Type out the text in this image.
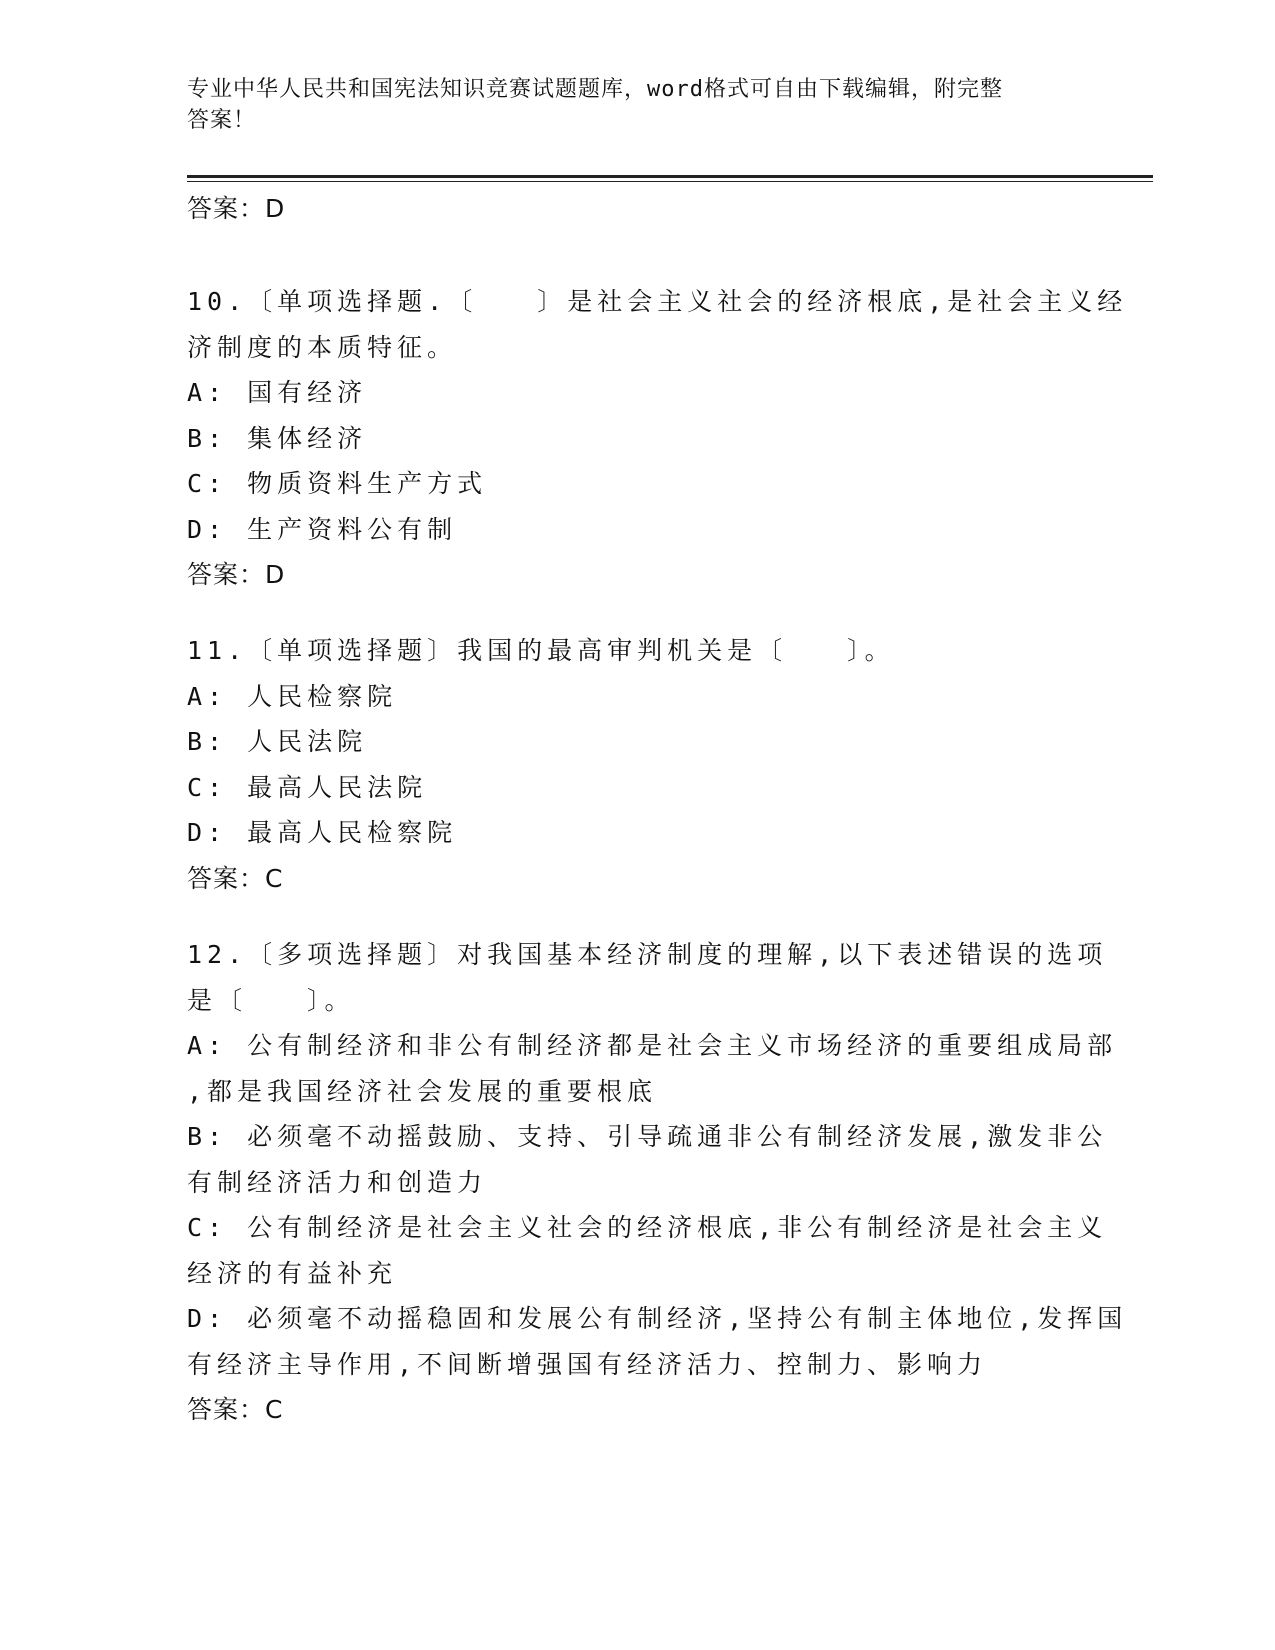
专业中华人民共和国宪法知识竞赛试题题库，word格式可自由下载编辑，附完整
答案！
答案：D
10.〔单项选择题.〔　　〕是社会主义社会的经济根底,是社会主义经
济制度的本质特征。
A: 国有经济
B: 集体经济
C: 物质资料生产方式
D: 生产资料公有制
答案：D
11.〔单项选择题〕我国的最高审判机关是〔　　〕。
A: 人民检察院
B: 人民法院
C: 最高人民法院
D: 最高人民检察院
答案：C
12.〔多项选择题〕对我国基本经济制度的理解,以下表述错误的选项
是〔　　〕。
A: 公有制经济和非公有制经济都是社会主义市场经济的重要组成局部
,都是我国经济社会发展的重要根底
B: 必须毫不动摇鼓励、支持、引导疏通非公有制经济发展,激发非公
有制经济活力和创造力
C: 公有制经济是社会主义社会的经济根底,非公有制经济是社会主义
经济的有益补充
D: 必须毫不动摇稳固和发展公有制经济,坚持公有制主体地位,发挥国
有经济主导作用,不间断增强国有经济活力、控制力、影响力
答案：C
